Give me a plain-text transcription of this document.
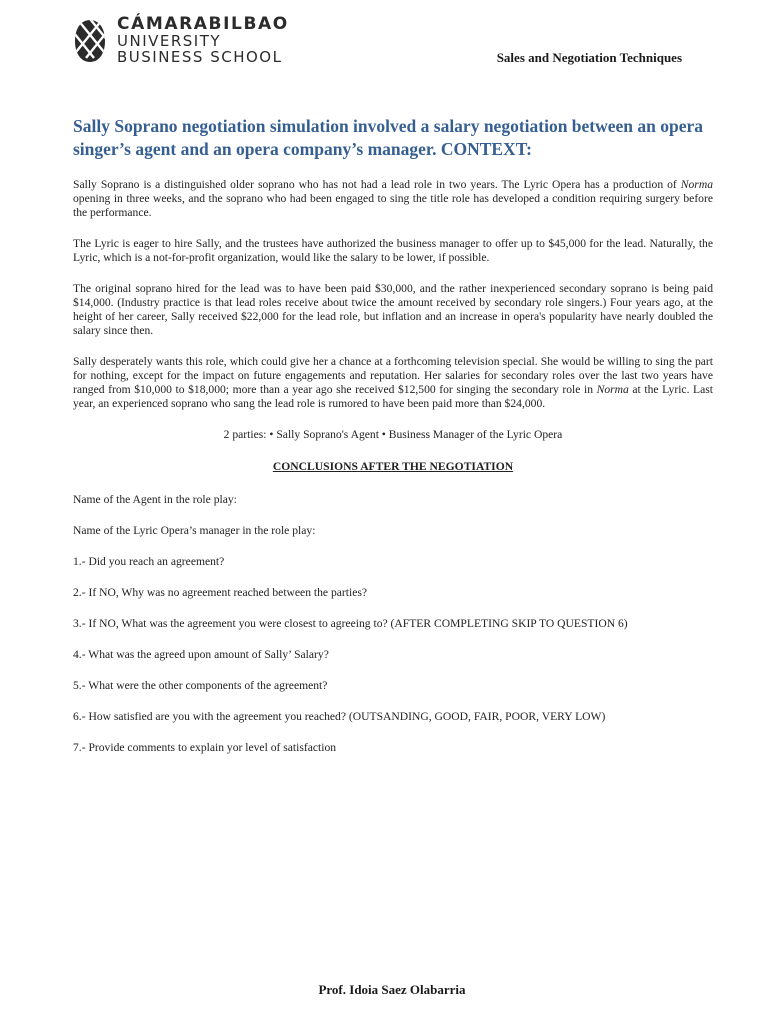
CÁMARABILBAO
UNIVERSITY
BUSINESS SCHOOL	Sales and Negotiation Techniques
Sally Soprano negotiation simulation involved a salary negotiation between an opera singer’s agent and an opera company’s manager. CONTEXT:

Sally Soprano is a distinguished older soprano who has not had a lead role in two years. The Lyric Opera has a production of Norma opening in three weeks, and the soprano who had been engaged to sing the title role has developed a condition requiring surgery before the performance.

The Lyric is eager to hire Sally, and the trustees have authorized the business manager to offer up to $45,000 for the lead. Naturally, the Lyric, which is a not-for-profit organization, would like the salary to be lower, if possible.

The original soprano hired for the lead was to have been paid $30,000, and the rather inexperienced secondary soprano is being paid $14,000. (Industry practice is that lead roles receive about twice the amount received by secondary role singers.) Four years ago, at the height of her career, Sally received $22,000 for the lead role, but inflation and an increase in opera's popularity have nearly doubled the salary since then.

Sally desperately wants this role, which could give her a chance at a forthcoming television special. She would be willing to sing the part for nothing, except for the impact on future engagements and reputation. Her salaries for secondary roles over the last two years have ranged from $10,000 to $18,000; more than a year ago she received $12,500 for singing the secondary role in Norma at the Lyric. Last year, an experienced soprano who sang the lead role is rumored to have been paid more than $24,000.

2 parties: • Sally Soprano's Agent • Business Manager of the Lyric Opera

CONCLUSIONS AFTER THE NEGOTIATION

Name of the Agent in the role play:

Name of the Lyric Opera’s manager in the role play:

1.- Did you reach an agreement?

2.- If NO, Why was no agreement reached between the parties?

3.- If NO, What was the agreement you were closest to agreeing to? (AFTER COMPLETING SKIP TO QUESTION 6)

4.- What was the agreed upon amount of Sally’ Salary?

5.- What were the other components of the agreement?

6.- How satisfied are you with the agreement you reached? (OUTSANDING, GOOD, FAIR, POOR, VERY LOW)

7.- Provide comments to explain yor level of satisfaction

Prof. Idoia Saez Olabarria
